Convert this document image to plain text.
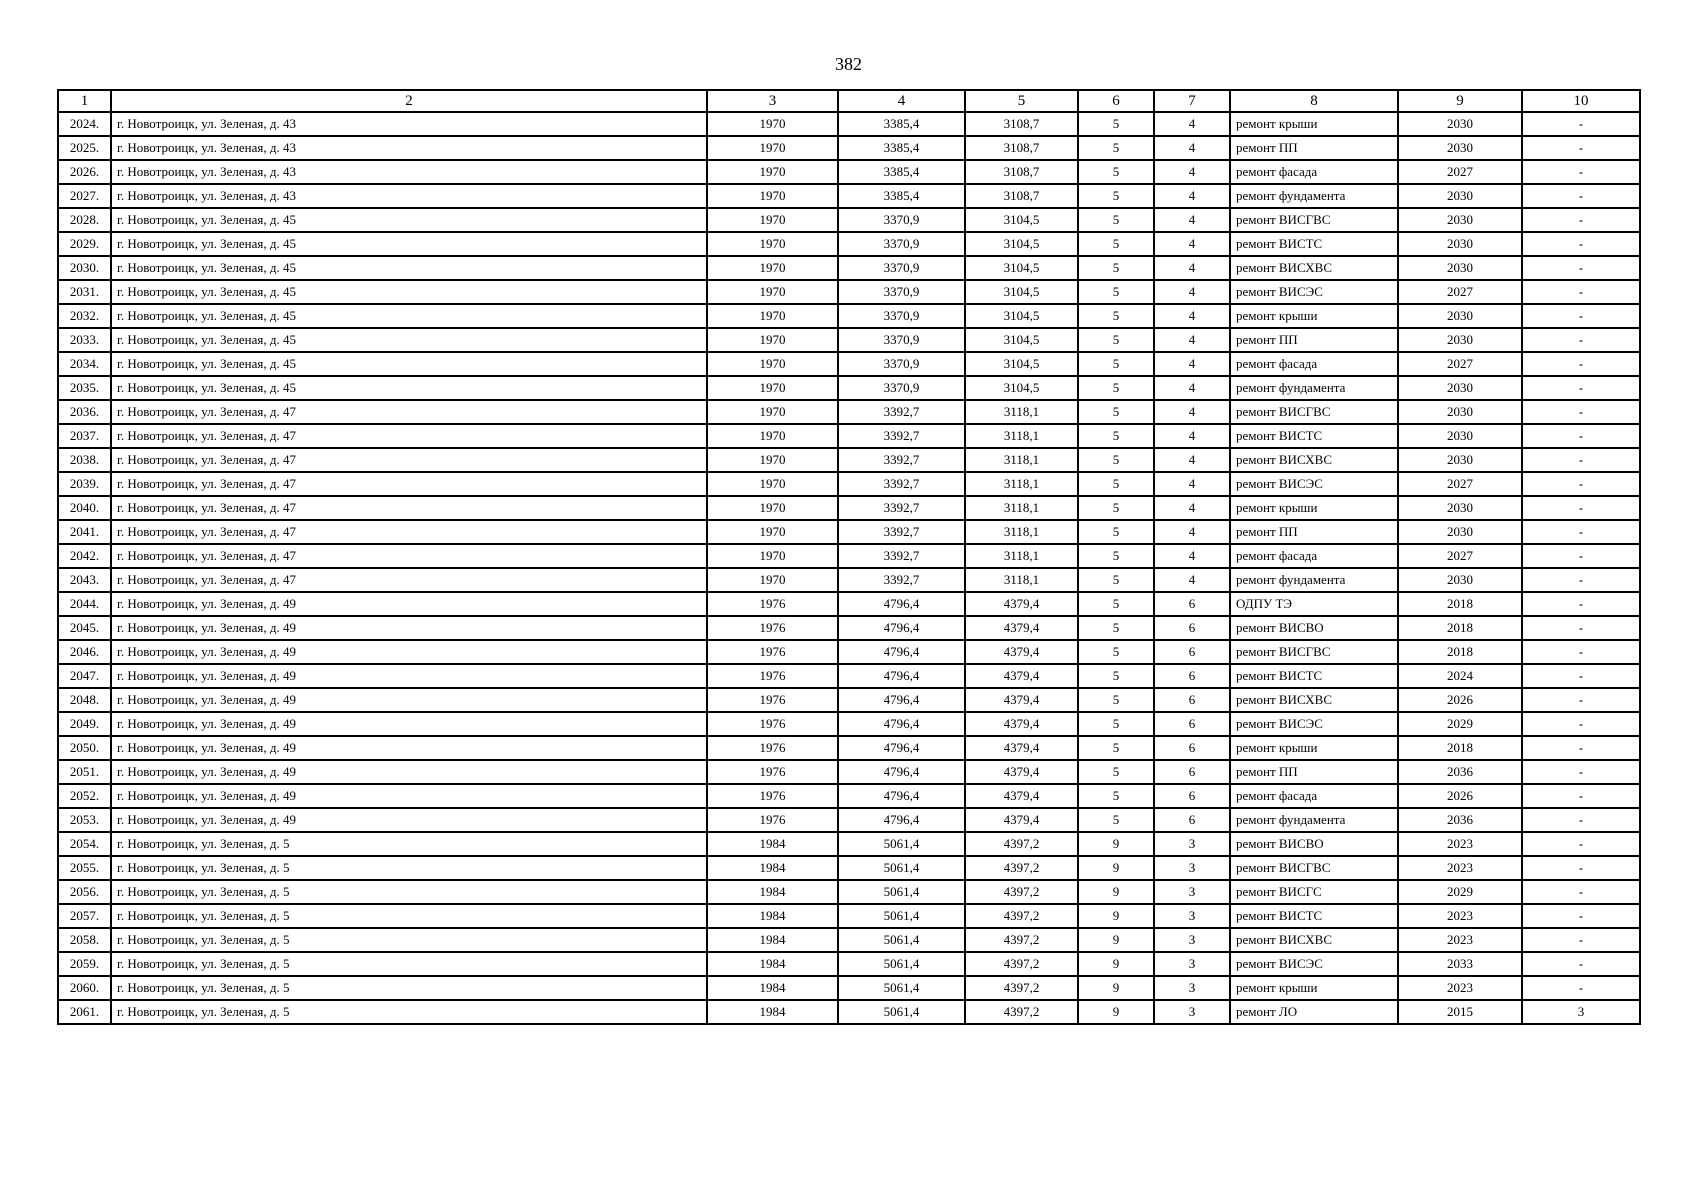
382
1	2	3	4	5	6	7	8	9	10
2024.	г. Новотроицк, ул. Зеленая, д. 43	1970	3385,4	3108,7	5	4	ремонт крыши	2030	-
2025.	г. Новотроицк, ул. Зеленая, д. 43	1970	3385,4	3108,7	5	4	ремонт ПП	2030	-
2026.	г. Новотроицк, ул. Зеленая, д. 43	1970	3385,4	3108,7	5	4	ремонт фасада	2027	-
2027.	г. Новотроицк, ул. Зеленая, д. 43	1970	3385,4	3108,7	5	4	ремонт фундамента	2030	-
2028.	г. Новотроицк, ул. Зеленая, д. 45	1970	3370,9	3104,5	5	4	ремонт ВИСГВС	2030	-
2029.	г. Новотроицк, ул. Зеленая, д. 45	1970	3370,9	3104,5	5	4	ремонт ВИСТС	2030	-
2030.	г. Новотроицк, ул. Зеленая, д. 45	1970	3370,9	3104,5	5	4	ремонт ВИСХВС	2030	-
2031.	г. Новотроицк, ул. Зеленая, д. 45	1970	3370,9	3104,5	5	4	ремонт ВИСЭС	2027	-
2032.	г. Новотроицк, ул. Зеленая, д. 45	1970	3370,9	3104,5	5	4	ремонт крыши	2030	-
2033.	г. Новотроицк, ул. Зеленая, д. 45	1970	3370,9	3104,5	5	4	ремонт ПП	2030	-
2034.	г. Новотроицк, ул. Зеленая, д. 45	1970	3370,9	3104,5	5	4	ремонт фасада	2027	-
2035.	г. Новотроицк, ул. Зеленая, д. 45	1970	3370,9	3104,5	5	4	ремонт фундамента	2030	-
2036.	г. Новотроицк, ул. Зеленая, д. 47	1970	3392,7	3118,1	5	4	ремонт ВИСГВС	2030	-
2037.	г. Новотроицк, ул. Зеленая, д. 47	1970	3392,7	3118,1	5	4	ремонт ВИСТС	2030	-
2038.	г. Новотроицк, ул. Зеленая, д. 47	1970	3392,7	3118,1	5	4	ремонт ВИСХВС	2030	-
2039.	г. Новотроицк, ул. Зеленая, д. 47	1970	3392,7	3118,1	5	4	ремонт ВИСЭС	2027	-
2040.	г. Новотроицк, ул. Зеленая, д. 47	1970	3392,7	3118,1	5	4	ремонт крыши	2030	-
2041.	г. Новотроицк, ул. Зеленая, д. 47	1970	3392,7	3118,1	5	4	ремонт ПП	2030	-
2042.	г. Новотроицк, ул. Зеленая, д. 47	1970	3392,7	3118,1	5	4	ремонт фасада	2027	-
2043.	г. Новотроицк, ул. Зеленая, д. 47	1970	3392,7	3118,1	5	4	ремонт фундамента	2030	-
2044.	г. Новотроицк, ул. Зеленая, д. 49	1976	4796,4	4379,4	5	6	ОДПУ ТЭ	2018	-
2045.	г. Новотроицк, ул. Зеленая, д. 49	1976	4796,4	4379,4	5	6	ремонт ВИСВО	2018	-
2046.	г. Новотроицк, ул. Зеленая, д. 49	1976	4796,4	4379,4	5	6	ремонт ВИСГВС	2018	-
2047.	г. Новотроицк, ул. Зеленая, д. 49	1976	4796,4	4379,4	5	6	ремонт ВИСТС	2024	-
2048.	г. Новотроицк, ул. Зеленая, д. 49	1976	4796,4	4379,4	5	6	ремонт ВИСХВС	2026	-
2049.	г. Новотроицк, ул. Зеленая, д. 49	1976	4796,4	4379,4	5	6	ремонт ВИСЭС	2029	-
2050.	г. Новотроицк, ул. Зеленая, д. 49	1976	4796,4	4379,4	5	6	ремонт крыши	2018	-
2051.	г. Новотроицк, ул. Зеленая, д. 49	1976	4796,4	4379,4	5	6	ремонт ПП	2036	-
2052.	г. Новотроицк, ул. Зеленая, д. 49	1976	4796,4	4379,4	5	6	ремонт фасада	2026	-
2053.	г. Новотроицк, ул. Зеленая, д. 49	1976	4796,4	4379,4	5	6	ремонт фундамента	2036	-
2054.	г. Новотроицк, ул. Зеленая, д. 5	1984	5061,4	4397,2	9	3	ремонт ВИСВО	2023	-
2055.	г. Новотроицк, ул. Зеленая, д. 5	1984	5061,4	4397,2	9	3	ремонт ВИСГВС	2023	-
2056.	г. Новотроицк, ул. Зеленая, д. 5	1984	5061,4	4397,2	9	3	ремонт ВИСГС	2029	-
2057.	г. Новотроицк, ул. Зеленая, д. 5	1984	5061,4	4397,2	9	3	ремонт ВИСТС	2023	-
2058.	г. Новотроицк, ул. Зеленая, д. 5	1984	5061,4	4397,2	9	3	ремонт ВИСХВС	2023	-
2059.	г. Новотроицк, ул. Зеленая, д. 5	1984	5061,4	4397,2	9	3	ремонт ВИСЭС	2033	-
2060.	г. Новотроицк, ул. Зеленая, д. 5	1984	5061,4	4397,2	9	3	ремонт крыши	2023	-
2061.	г. Новотроицк, ул. Зеленая, д. 5	1984	5061,4	4397,2	9	3	ремонт ЛО	2015	3
